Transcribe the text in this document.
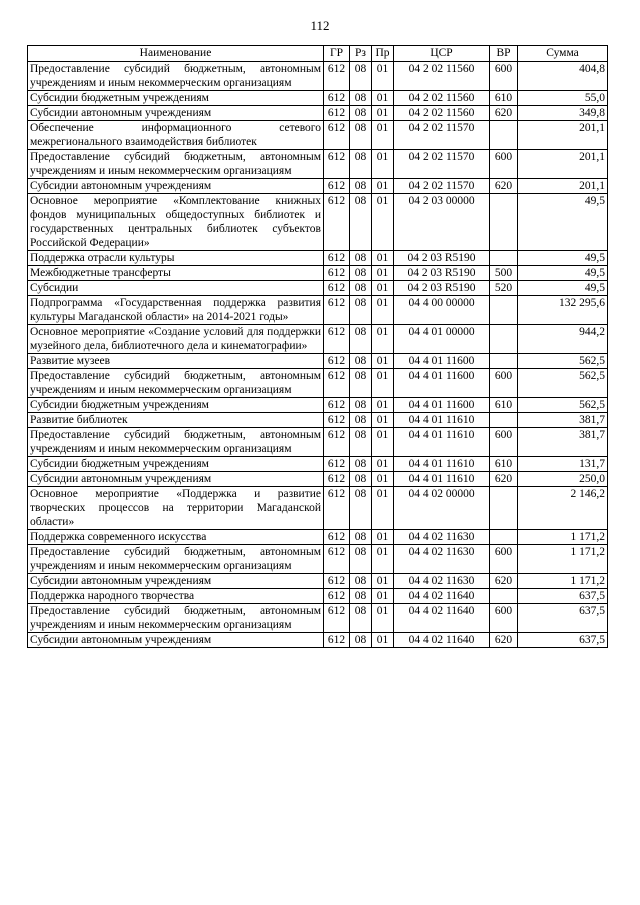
112
Наименование	ГР	Рз	Пр	ЦСР	ВР	Сумма
Предоставление субсидий бюджетным, автономным учреждениям и иным некоммерческим организациям	612	08	01	04 2 02 11560	600	404,8
Субсидии бюджетным учреждениям	612	08	01	04 2 02 11560	610	55,0
Субсидии автономным учреждениям	612	08	01	04 2 02 11560	620	349,8
Обеспечение информационного сетевого межрегионального взаимодействия библиотек	612	08	01	04 2 02 11570		201,1
Предоставление субсидий бюджетным, автономным учреждениям и иным некоммерческим организациям	612	08	01	04 2 02 11570	600	201,1
Субсидии автономным учреждениям	612	08	01	04 2 02 11570	620	201,1
Основное мероприятие «Комплектование книжных фондов муниципальных общедоступных библиотек и государственных центральных библиотек субъектов Российской Федерации»	612	08	01	04 2 03 00000		49,5
Поддержка отрасли культуры	612	08	01	04 2 03 R5190		49,5
Межбюджетные трансферты	612	08	01	04 2 03 R5190	500	49,5
Субсидии	612	08	01	04 2 03 R5190	520	49,5
Подпрограмма «Государственная поддержка развития культуры Магаданской области» на 2014-2021 годы»	612	08	01	04 4 00 00000		132 295,6
Основное мероприятие «Создание условий для поддержки музейного дела, библиотечного дела и кинематографии»	612	08	01	04 4 01 00000		944,2
Развитие музеев	612	08	01	04 4 01 11600		562,5
Предоставление субсидий бюджетным, автономным учреждениям и иным некоммерческим организациям	612	08	01	04 4 01 11600	600	562,5
Субсидии бюджетным учреждениям	612	08	01	04 4 01 11600	610	562,5
Развитие библиотек	612	08	01	04 4 01 11610		381,7
Предоставление субсидий бюджетным, автономным учреждениям и иным некоммерческим организациям	612	08	01	04 4 01 11610	600	381,7
Субсидии бюджетным учреждениям	612	08	01	04 4 01 11610	610	131,7
Субсидии автономным учреждениям	612	08	01	04 4 01 11610	620	250,0
Основное мероприятие «Поддержка и развитие творческих процессов на территории Магаданской области»	612	08	01	04 4 02 00000		2 146,2
Поддержка современного искусства	612	08	01	04 4 02 11630		1 171,2
Предоставление субсидий бюджетным, автономным учреждениям и иным некоммерческим организациям	612	08	01	04 4 02 11630	600	1 171,2
Субсидии автономным учреждениям	612	08	01	04 4 02 11630	620	1 171,2
Поддержка народного творчества	612	08	01	04 4 02 11640		637,5
Предоставление субсидий бюджетным, автономным учреждениям и иным некоммерческим организациям	612	08	01	04 4 02 11640	600	637,5
Субсидии автономным учреждениям	612	08	01	04 4 02 11640	620	637,5
